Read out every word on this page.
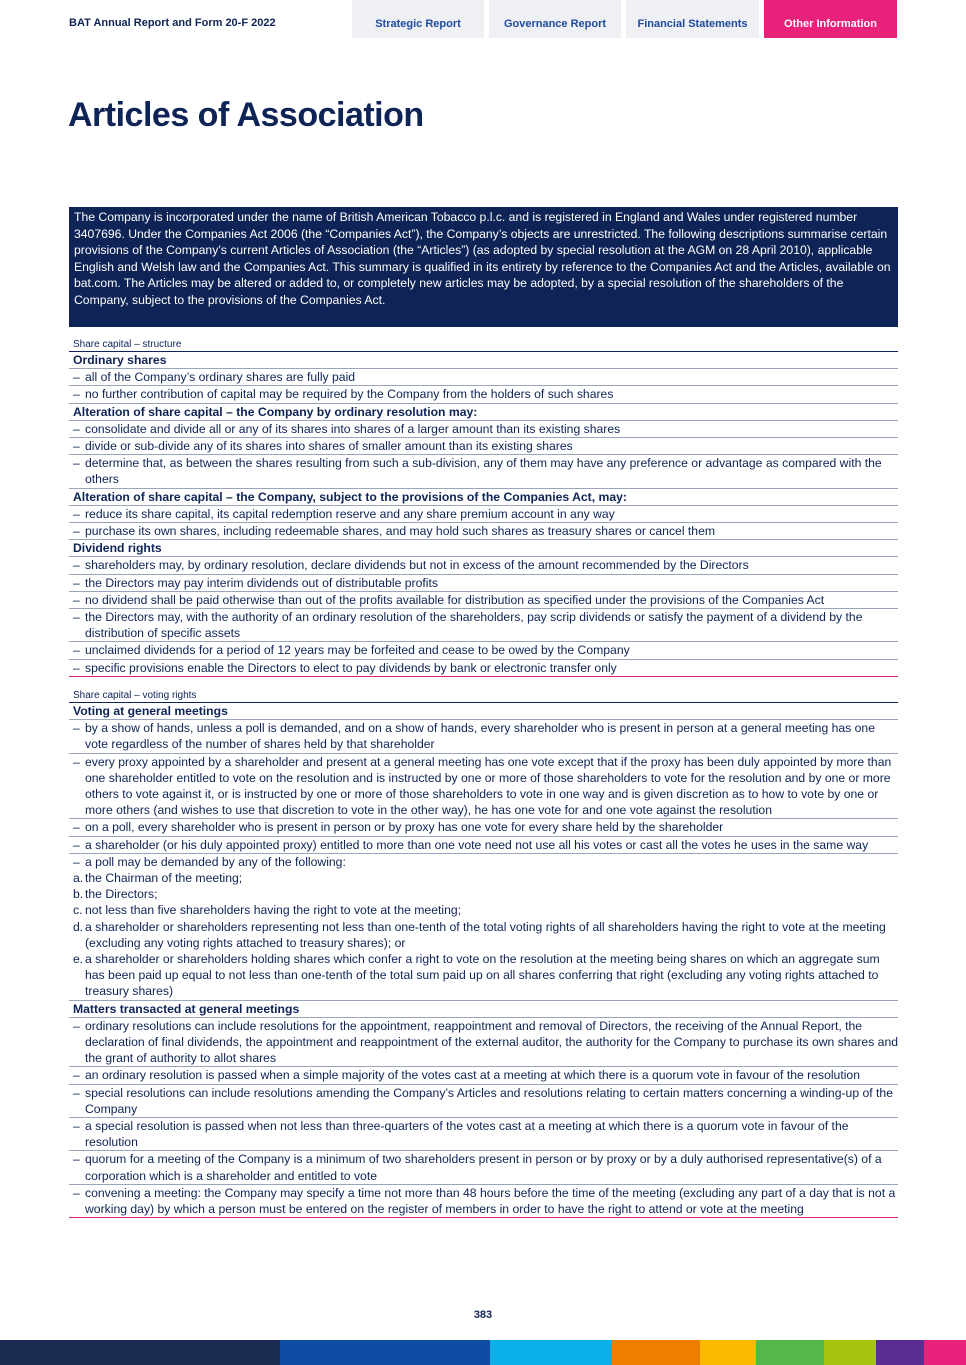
BAT Annual Report and Form 20-F 2022	Strategic Report	Governance Report	Financial Statements	Other Information
Articles of Association
The Company is incorporated under the name of British American Tobacco p.l.c. and is registered in England and Wales under registered number 3407696. Under the Companies Act 2006 (the “Companies Act”), the Company’s objects are unrestricted. The following descriptions summarise certain provisions of the Company’s current Articles of Association (the “Articles”) (as adopted by special resolution at the AGM on 28 April 2010), applicable English and Welsh law and the Companies Act. This summary is qualified in its entirety by reference to the Companies Act and the Articles, available on bat.com. The Articles may be altered or added to, or completely new articles may be adopted, by a special resolution of the shareholders of the Company, subject to the provisions of the Companies Act.
Share capital – structure
Ordinary shares
– all of the Company’s ordinary shares are fully paid
– no further contribution of capital may be required by the Company from the holders of such shares
Alteration of share capital – the Company by ordinary resolution may:
– consolidate and divide all or any of its shares into shares of a larger amount than its existing shares
– divide or sub-divide any of its shares into shares of smaller amount than its existing shares
– determine that, as between the shares resulting from such a sub-division, any of them may have any preference or advantage as compared with the others
Alteration of share capital – the Company, subject to the provisions of the Companies Act, may:
– reduce its share capital, its capital redemption reserve and any share premium account in any way
– purchase its own shares, including redeemable shares, and may hold such shares as treasury shares or cancel them
Dividend rights
– shareholders may, by ordinary resolution, declare dividends but not in excess of the amount recommended by the Directors
– the Directors may pay interim dividends out of distributable profits
– no dividend shall be paid otherwise than out of the profits available for distribution as specified under the provisions of the Companies Act
– the Directors may, with the authority of an ordinary resolution of the shareholders, pay scrip dividends or satisfy the payment of a dividend by the distribution of specific assets
– unclaimed dividends for a period of 12 years may be forfeited and cease to be owed by the Company
– specific provisions enable the Directors to elect to pay dividends by bank or electronic transfer only
Share capital – voting rights
Voting at general meetings
– by a show of hands, unless a poll is demanded, and on a show of hands, every shareholder who is present in person at a general meeting has one vote regardless of the number of shares held by that shareholder
– every proxy appointed by a shareholder and present at a general meeting has one vote except that if the proxy has been duly appointed by more than one shareholder entitled to vote on the resolution and is instructed by one or more of those shareholders to vote for the resolution and by one or more others to vote against it, or is instructed by one or more of those shareholders to vote in one way and is given discretion as to how to vote by one or more others (and wishes to use that discretion to vote in the other way), he has one vote for and one vote against the resolution
– on a poll, every shareholder who is present in person or by proxy has one vote for every share held by the shareholder
– a shareholder (or his duly appointed proxy) entitled to more than one vote need not use all his votes or cast all the votes he uses in the same way
– a poll may be demanded by any of the following:
a. the Chairman of the meeting;
b. the Directors;
c. not less than five shareholders having the right to vote at the meeting;
d. a shareholder or shareholders representing not less than one-tenth of the total voting rights of all shareholders having the right to vote at the meeting (excluding any voting rights attached to treasury shares); or
e. a shareholder or shareholders holding shares which confer a right to vote on the resolution at the meeting being shares on which an aggregate sum has been paid up equal to not less than one-tenth of the total sum paid up on all shares conferring that right (excluding any voting rights attached to treasury shares)
Matters transacted at general meetings
– ordinary resolutions can include resolutions for the appointment, reappointment and removal of Directors, the receiving of the Annual Report, the declaration of final dividends, the appointment and reappointment of the external auditor, the authority for the Company to purchase its own shares and the grant of authority to allot shares
– an ordinary resolution is passed when a simple majority of the votes cast at a meeting at which there is a quorum vote in favour of the resolution
– special resolutions can include resolutions amending the Company’s Articles and resolutions relating to certain matters concerning a winding-up of the Company
– a special resolution is passed when not less than three-quarters of the votes cast at a meeting at which there is a quorum vote in favour of the resolution
– quorum for a meeting of the Company is a minimum of two shareholders present in person or by proxy or by a duly authorised representative(s) of a corporation which is a shareholder and entitled to vote
– convening a meeting: the Company may specify a time not more than 48 hours before the time of the meeting (excluding any part of a day that is not a working day) by which a person must be entered on the register of members in order to have the right to attend or vote at the meeting
383
